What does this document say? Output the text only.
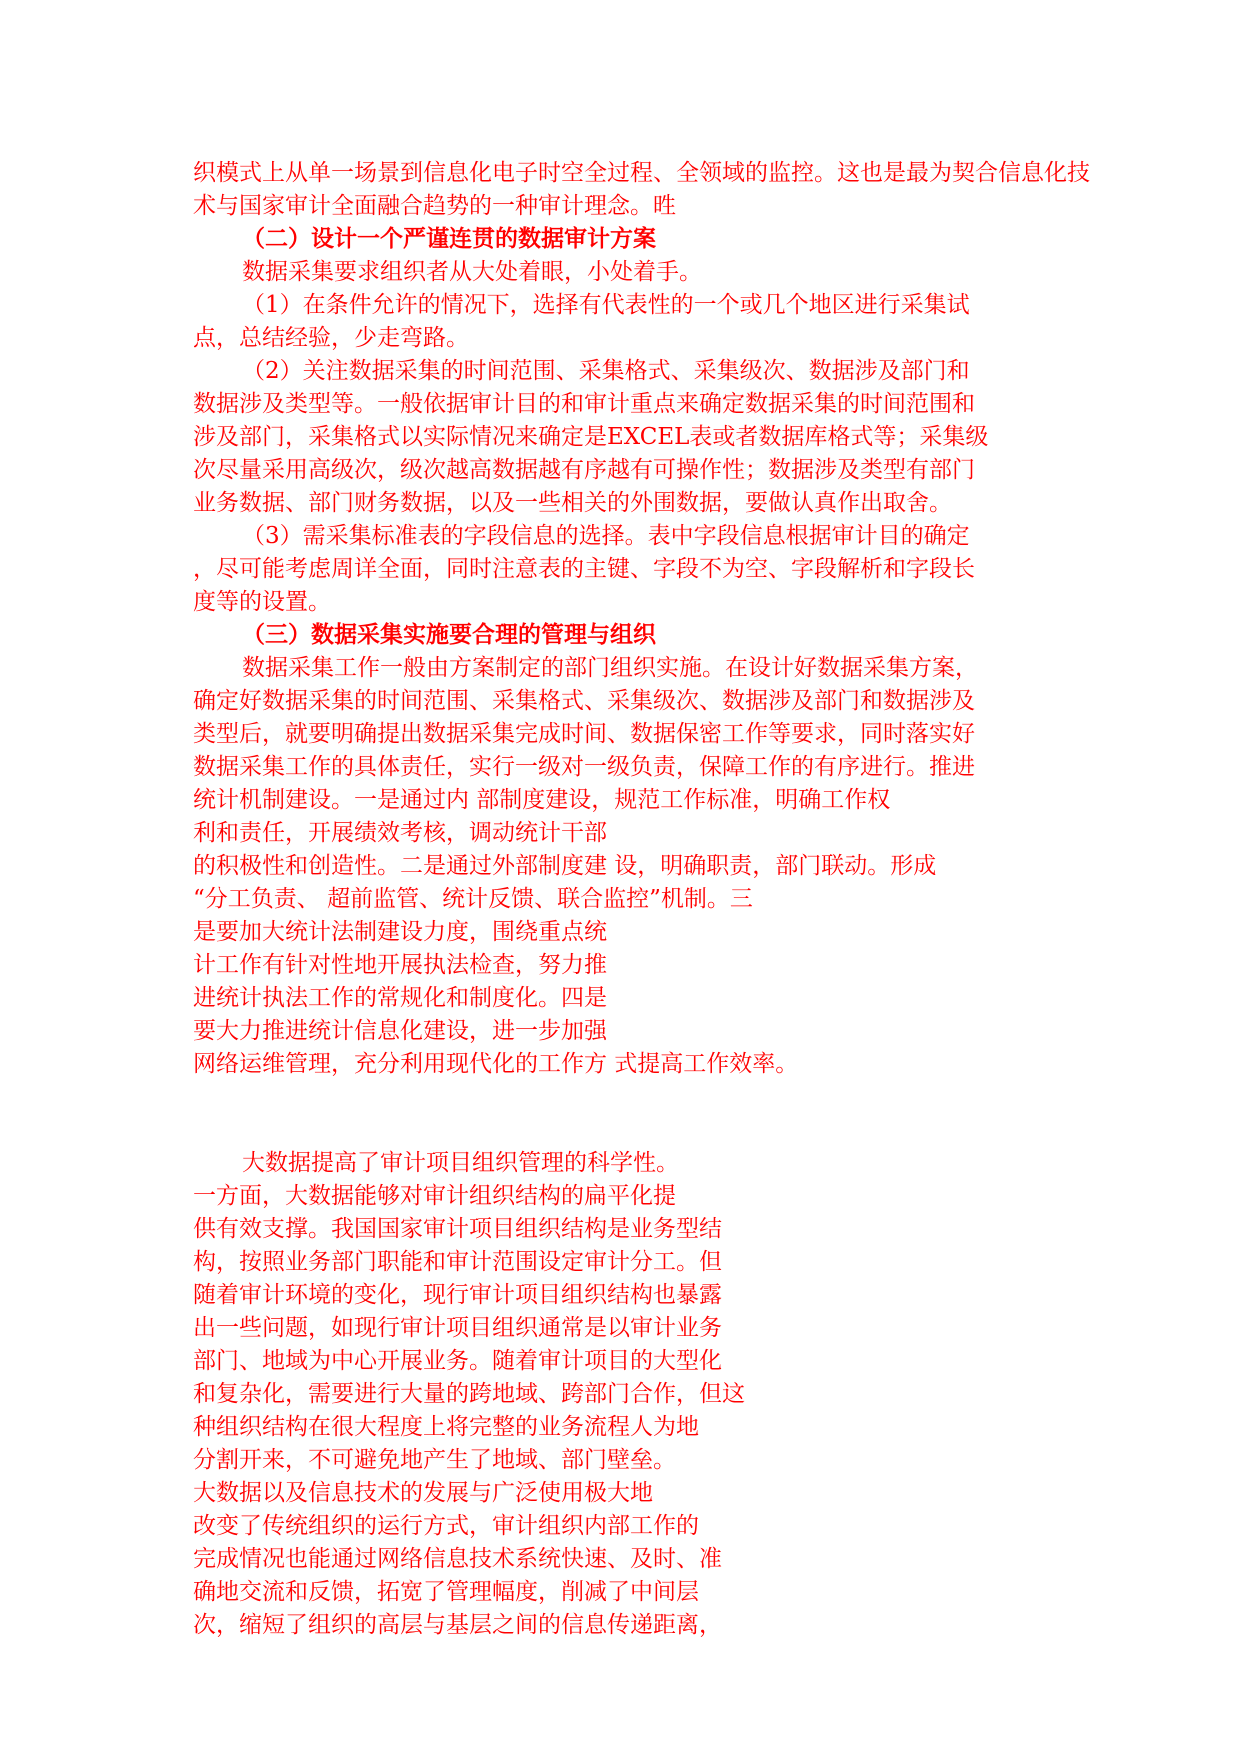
织模式上从单一场景到信息化电子时空全过程、全领域的监控。这也是最为契合信息化技
术与国家审计全面融合趋势的一种审计理念。甠
（二）设计一个严谨连贯的数据审计方案
数据采集要求组织者从大处着眼，小处着手。
（1）在条件允许的情况下，选择有代表性的一个或几个地区进行采集试
点，总结经验，少走弯路。
（2）关注数据采集的时间范围、采集格式、采集级次、数据涉及部门和
数据涉及类型等。一般依据审计目的和审计重点来确定数据采集的时间范围和
涉及部门，采集格式以实际情况来确定是EXCEL表或者数据库格式等；采集级
次尽量采用高级次，级次越高数据越有序越有可操作性；数据涉及类型有部门
业务数据、部门财务数据，以及一些相关的外围数据，要做认真作出取舍。
（3）需采集标准表的字段信息的选择。表中字段信息根据审计目的确定
，尽可能考虑周详全面，同时注意表的主键、字段不为空、字段解析和字段长
度等的设置。
（三）数据采集实施要合理的管理与组织
数据采集工作一般由方案制定的部门组织实施。在设计好数据采集方案，
确定好数据采集的时间范围、采集格式、采集级次、数据涉及部门和数据涉及
类型后，就要明确提出数据采集完成时间、数据保密工作等要求，同时落实好
数据采集工作的具体责任，实行一级对一级负责，保障工作的有序进行。推进
统计机制建设。一是通过内 部制度建设，规范工作标准，明确工作权
利和责任，开展绩效考核，调动统计干部
的积极性和创造性。二是通过外部制度建 设，明确职责，部门联动。形成
“分工负责、 超前监管、统计反馈、联合监控”机制。三
是要加大统计法制建设力度，围绕重点统
计工作有针对性地开展执法检查，努力推
进统计执法工作的常规化和制度化。四是
要大力推进统计信息化建设，进一步加强
网络运维管理，充分利用现代化的工作方 式提高工作效率。
大数据提高了审计项目组织管理的科学性。
一方面，大数据能够对审计组织结构的扁平化提
供有效支撑。我国国家审计项目组织结构是业务型结
构，按照业务部门职能和审计范围设定审计分工。但
随着审计环境的变化，现行审计项目组织结构也暴露
出一些问题，如现行审计项目组织通常是以审计业务
部门、地域为中心开展业务。随着审计项目的大型化
和复杂化，需要进行大量的跨地域、跨部门合作，但这
种组织结构在很大程度上将完整的业务流程人为地
分割开来，不可避免地产生了地域、部门壁垒。
大数据以及信息技术的发展与广泛使用极大地
改变了传统组织的运行方式，审计组织内部工作的
完成情况也能通过网络信息技术系统快速、及时、准
确地交流和反馈，拓宽了管理幅度，削减了中间层
次，缩短了组织的高层与基层之间的信息传递距离，
